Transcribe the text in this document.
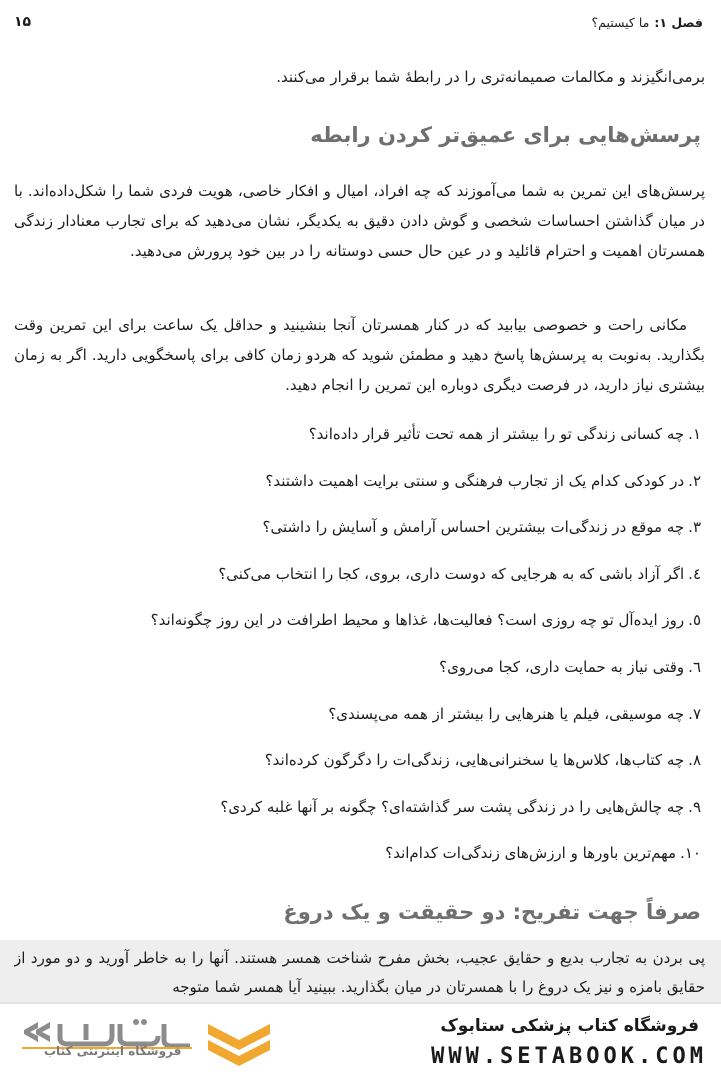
فصل ۱:
ما کیستیم؟
۱۵
برمی‌انگیزند و مکالمات صمیمانه‌تری را در رابطهٔ شما برقرار می‌کنند.
پرسش‌هایی برای عمیق‌تر کردن رابطه
پرسش‌های این تمرین به شما می‌آموزند که چه افراد، امیال و افکار خاصی، هویت فردی شما را شکل‌داده‌اند. با در میان گذاشتن احساسات شخصی و گوش دادن دقیق به یکدیگر، نشان می‌دهید که برای تجارب معنادار زندگی همسرتان اهمیت و احترام قائلید و در عین حال حسی دوستانه را در بین خود پرورش می‌دهید.
مکانی راحت و خصوصی بیابید که در کنار همسرتان آنجا بنشینید و حداقل یک ساعت برای این تمرین وقت بگذارید. به‌نوبت به پرسش‌ها پاسخ دهید و مطمئن شوید که هردو زمان کافی برای پاسخگویی دارید. اگر به زمان بیشتری نیاز دارید، در فرصت دیگری دوباره این تمرین را انجام دهید.
۱.چه کسانی زندگی تو را بیشتر از همه تحت تأثیر قرار داده‌اند؟
۲.در کودکی کدام یک از تجارب فرهنگی و سنتی برایت اهمیت داشتند؟
۳.چه موقع در زندگی‌ات بیشترین احساس آرامش و آسایش را داشتی؟
٤.اگر آزاد باشی که به هرجایی که دوست داری، بروی، کجا را انتخاب می‌کنی؟
٥.روز ایده‌آل تو چه روزی است؟ فعالیت‌ها، غذاها و محیط اطرافت در این روز چگونه‌اند؟
٦.وقتی نیاز به حمایت داری، کجا می‌روی؟
۷.چه موسیقی، فیلم یا هنرهایی را بیشتر از همه می‌پسندی؟
۸.چه کتاب‌ها، کلاس‌ها یا سخنرانی‌هایی، زندگی‌ات را دگرگون کرده‌اند؟
۹.چه چالش‌هایی را در زندگی پشت سر گذاشته‌ای؟ چگونه بر آنها غلبه کردی؟
۱۰.مهم‌ترین باورها و ارزش‌های زندگی‌ات کدام‌اند؟
صرفاً جهت تفریح: دو حقیقت و یک دروغ
پی بردن به تجارب بدیع و حقایق عجیب، بخش مفرح شناخت همسر هستند. آنها را به خاطر آورید و دو مورد از حقایق بامزه و نیز یک دروغ را با همسرتان در میان بگذارید. ببینید آیا همسر شما متوجه
فروشگاه کتاب پزشکی ستابوک
WWW.SETABOOK.COM
فروشگاه اینترنتی کتاب
